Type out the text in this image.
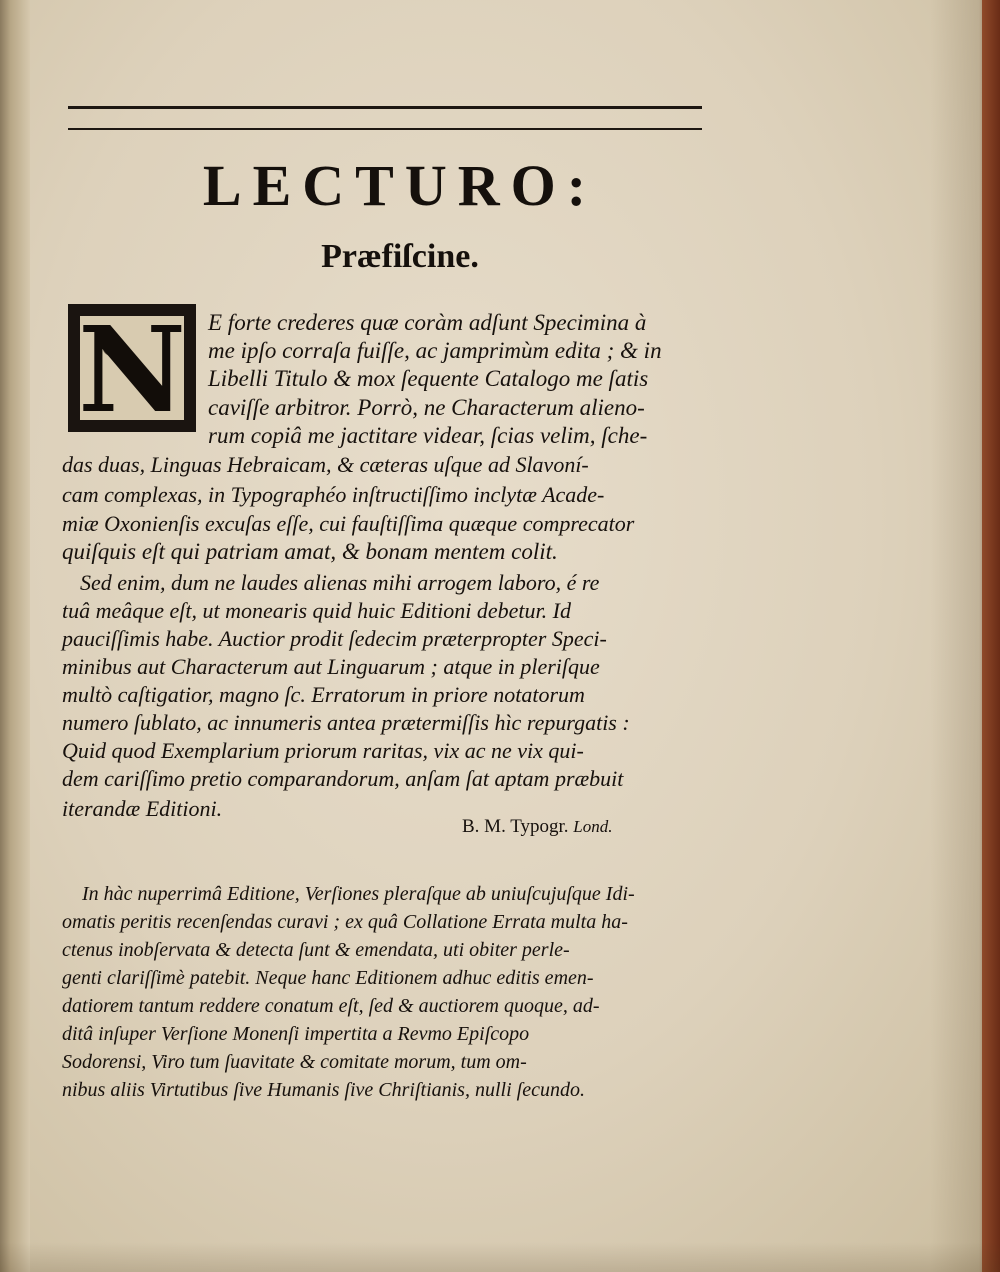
LECTURO:
Præfiſcine.
N E forte crederes quæ coràm adſunt Specimina à
me ipſo corraſa fuiſſe, ac jamprimùm edita ; & in
Libelli Titulo & mox ſequente Catalogo me ſatis
caviſſe arbitror. Porrò, ne Characterum alieno-
rum copiâ me jactitare videar, ſcias velim, ſche-
das duas, Linguas Hebraicam, & cæteras uſque ad Slavoní-
cam complexas, in Typographéo inſtructiſſimo inclytæ Acade-
miæ Oxonienſis excuſas eſſe, cui fauſtiſſima quæque comprecator
quiſquis eſt qui patriam amat, & bonam mentem colit.
Sed enim, dum ne laudes alienas mihi arrogem laboro, é re
tuâ meâque eſt, ut monearis quid huic Editioni debetur. Id
pauciſſimis habe. Auctior prodit ſedecim præterpropter Speci-
minibus aut Characterum aut Linguarum ; atque in pleriſque
multò caſtigatior, magno ſc. Erratorum in priore notatorum
numero ſublato, ac innumeris antea prætermiſſis hìc repurgatis :
Quid quod Exemplarium priorum raritas, vix ac ne vix qui-
dem cariſſimo pretio comparandorum, anſam ſat aptam præbuit
iterandæ Editioni.
B. M. Typogr. Lond.
In hàc nuperrimâ Editione, Verſiones pleraſque ab uniuſcujuſque Idi-
omatis peritis recenſendas curavi ; ex quâ Collatione Errata multa ha-
ctenus inobſervata & detecta ſunt & emendata, uti obiter perle-
genti clariſſimè patebit. Neque hanc Editionem adhuc editis emen-
datiorem tantum reddere conatum eſt, ſed & auctiorem quoque, ad-
ditâ inſuper Verſione Monenſi impertita a Revmo Epiſcopo
Sodorensi, Viro tum ſuavitate & comitate morum, tum om-
nibus aliis Virtutibus ſive Humanis ſive Chriſtianis, nulli ſecundo.
